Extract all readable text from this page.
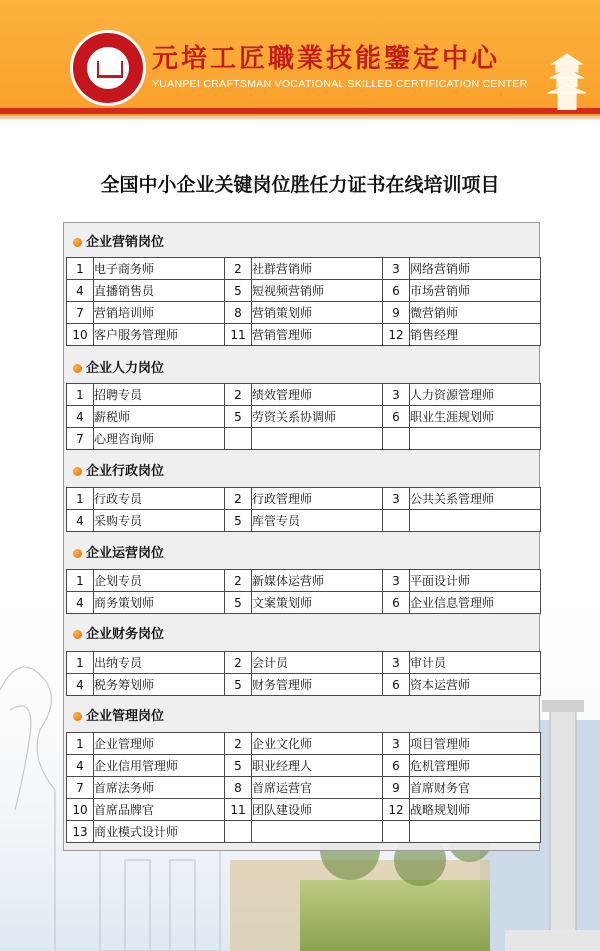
元培工匠職業技能鑒定中心
YUANPEI CRAFTSMAN VOCATIONAL SKILLED CERTIFICATION CENTER
全国中小企业关键岗位胜任力证书在线培训项目
企业营销岗位
1	电子商务师	2	社群营销师	3	网络营销师
4	直播销售员	5	短视频营销师	6	市场营销师
7	营销培训师	8	营销策划师	9	微营销师
10	客户服务管理师	11	营销管理师	12	销售经理
企业人力岗位
1	招聘专员	2	绩效管理师	3	人力资源管理师
4	薪税师	5	劳资关系协调师	6	职业生涯规划师
7	心理咨询师				
企业行政岗位
1	行政专员	2	行政管理师	3	公共关系管理师
4	采购专员	5	库管专员		
企业运营岗位
1	企划专员	2	新媒体运营师	3	平面设计师
4	商务策划师	5	文案策划师	6	企业信息管理师
企业财务岗位
1	出纳专员	2	会计员	3	审计员
4	税务筹划师	5	财务管理师	6	资本运营师
企业管理岗位
1	企业管理师	2	企业文化师	3	项目管理师
4	企业信用管理师	5	职业经理人	6	危机管理师
7	首席法务师	8	首席运营官	9	首席财务官
10	首席品牌官	11	团队建设师	12	战略规划师
13	商业模式设计师				
